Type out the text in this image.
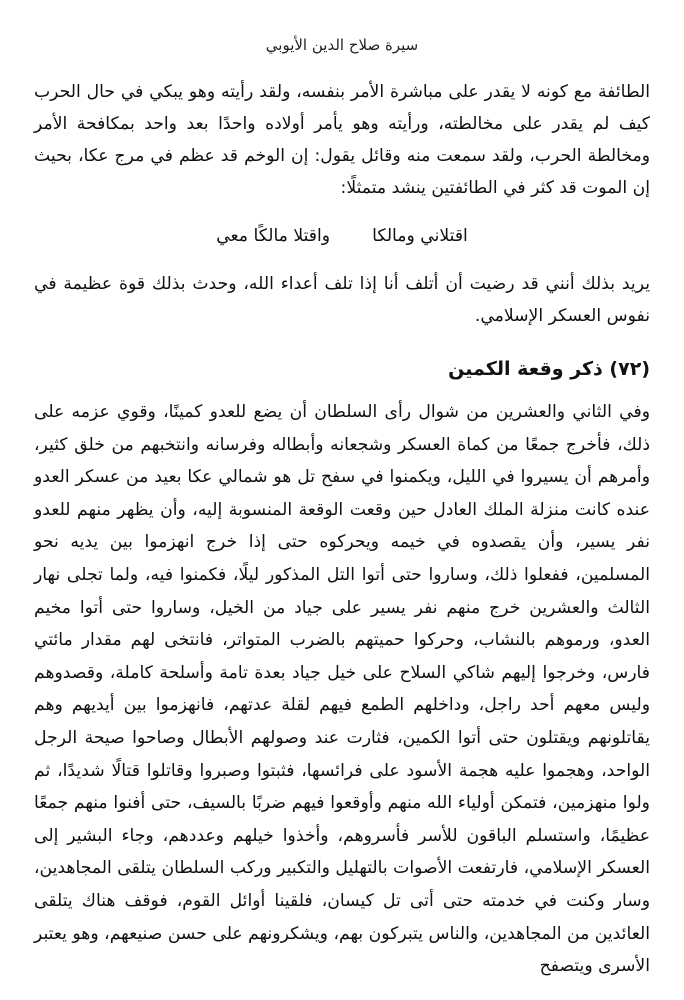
سيرة صلاح الدين الأيوبي

الطائفة مع كونه لا يقدر على مباشرة الأمر بنفسه، ولقد رأيته وهو يبكي في حال الحرب كيف لم يقدر على مخالطته، ورأيته وهو يأمر أولاده واحدًا بعد واحد بمكافحة الأمر ومخالطة الحرب، ولقد سمعت منه وقائل يقول: إن الوخم قد عظم في مرج عكا، بحيث إن الموت قد كثر في الطائفتين ينشد متمثلًا:

اقتلاني ومالكا
واقتلا مالكًا معي

يريد بذلك أنني قد رضيت أن أتلف أنا إذا تلف أعداء الله، وحدث بذلك قوة عظيمة في نفوس العسكر الإسلامي.

(٧٢) ذكر وقعة الكمين

وفي الثاني والعشرين من شوال رأى السلطان أن يضع للعدو كمينًا، وقوي عزمه على ذلك، فأخرج جمعًا من كماة العسكر وشجعانه وأبطاله وفرسانه وانتخبهم من خلق كثير، وأمرهم أن يسيروا في الليل، ويكمنوا في سفح تل هو شمالي عكا بعيد من عسكر العدو عنده كانت منزلة الملك العادل حين وقعت الوقعة المنسوبة إليه، وأن يظهر منهم للعدو نفر يسير، وأن يقصدوه في خيمه ويحركوه حتى إذا خرج انهزموا بين يديه نحو المسلمين، ففعلوا ذلك، وساروا حتى أتوا التل المذكور ليلًا، فكمنوا فيه، ولما تجلى نهار الثالث والعشرين خرج منهم نفر يسير على جياد من الخيل، وساروا حتى أتوا مخيم العدو، ورموهم بالنشاب، وحركوا حميتهم بالضرب المتواتر، فانتخى لهم مقدار مائتي فارس، وخرجوا إليهم شاكي السلاح على خيل جياد بعدة تامة وأسلحة كاملة، وقصدوهم وليس معهم أحد راجل، وداخلهم الطمع فيهم لقلة عدتهم، فانهزموا بين أيديهم وهم يقاتلونهم ويقتلون حتى أتوا الكمين، فثارت عند وصولهم الأبطال وصاحوا صيحة الرجل الواحد، وهجموا عليه هجمة الأسود على فرائسها، فثبتوا وصبروا وقاتلوا قتالًا شديدًا، ثم ولوا منهزمين، فتمكن أولياء الله منهم وأوقعوا فيهم ضربًا بالسيف، حتى أفنوا منهم جمعًا عظيمًا، واستسلم الباقون للأسر فأسروهم، وأخذوا خيلهم وعددهم، وجاء البشير إلى العسكر الإسلامي، فارتفعت الأصوات بالتهليل والتكبير وركب السلطان يتلقى المجاهدين، وسار وكنت في خدمته حتى أتى تل كيسان، فلقينا أوائل القوم، فوقف هناك يتلقى العائدين من المجاهدين، والناس يتبركون بهم، ويشكرونهم على حسن صنيعهم، وهو يعتبر الأسرى ويتصفح
